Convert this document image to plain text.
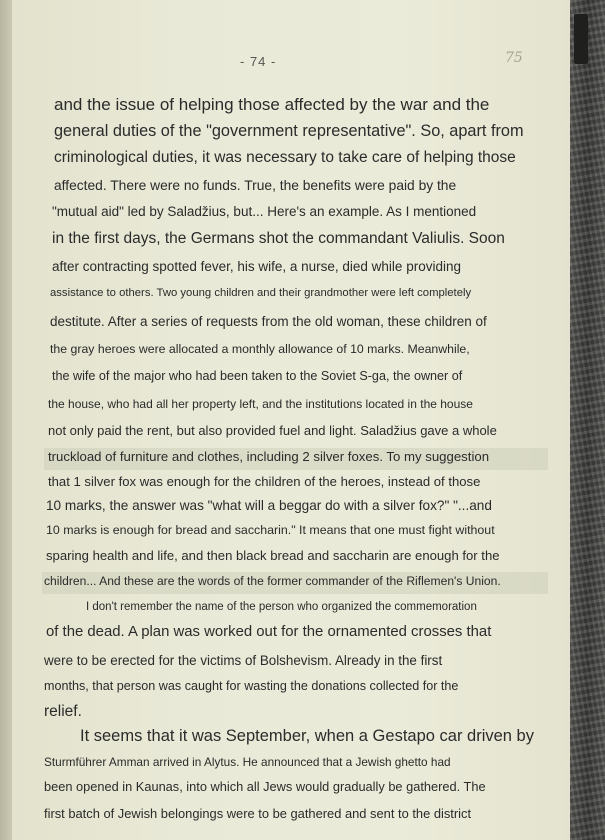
- 74 -	75

and the issue of helping those affected by the war and the

general duties of the "government representative". So, apart from

criminological duties, it was necessary to take care of helping those

affected. There were no funds. True, the benefits were paid by the

"mutual aid" led by Saladžius, but... Here's an example. As I mentioned

in the first days, the Germans shot the commandant Valiulis. Soon

after contracting spotted fever, his wife, a nurse, died while providing

assistance to others. Two young children and their grandmother were left completely

destitute. After a series of requests from the old woman, these children of

the gray heroes were allocated a monthly allowance of 10 marks. Meanwhile,

the wife of the major who had been taken to the Soviet S-ga, the owner of

the house, who had all her property left, and the institutions located in the house

not only paid the rent, but also provided fuel and light. Saladžius gave a whole

truckload of furniture and clothes, including 2 silver foxes. To my suggestion

that 1 silver fox was enough for the children of the heroes, instead of those

10 marks, the answer was "what will a beggar do with a silver fox?" "...and

10 marks is enough for bread and saccharin." It means that one must fight without

sparing health and life, and then black bread and saccharin are enough for the

children... And these are the words of the former commander of the Riflemen's Union.

I don't remember the name of the person who organized the commemoration

of the dead. A plan was worked out for the ornamented crosses that

were to be erected for the victims of Bolshevism. Already in the first

months, that person was caught for wasting the donations collected for the

relief.

It seems that it was September, when a Gestapo car driven by

Sturmführer Amman arrived in Alytus. He announced that a Jewish ghetto had

been opened in Kaunas, into which all Jews would gradually be gathered. The

first batch of Jewish belongings were to be gathered and sent to the district
